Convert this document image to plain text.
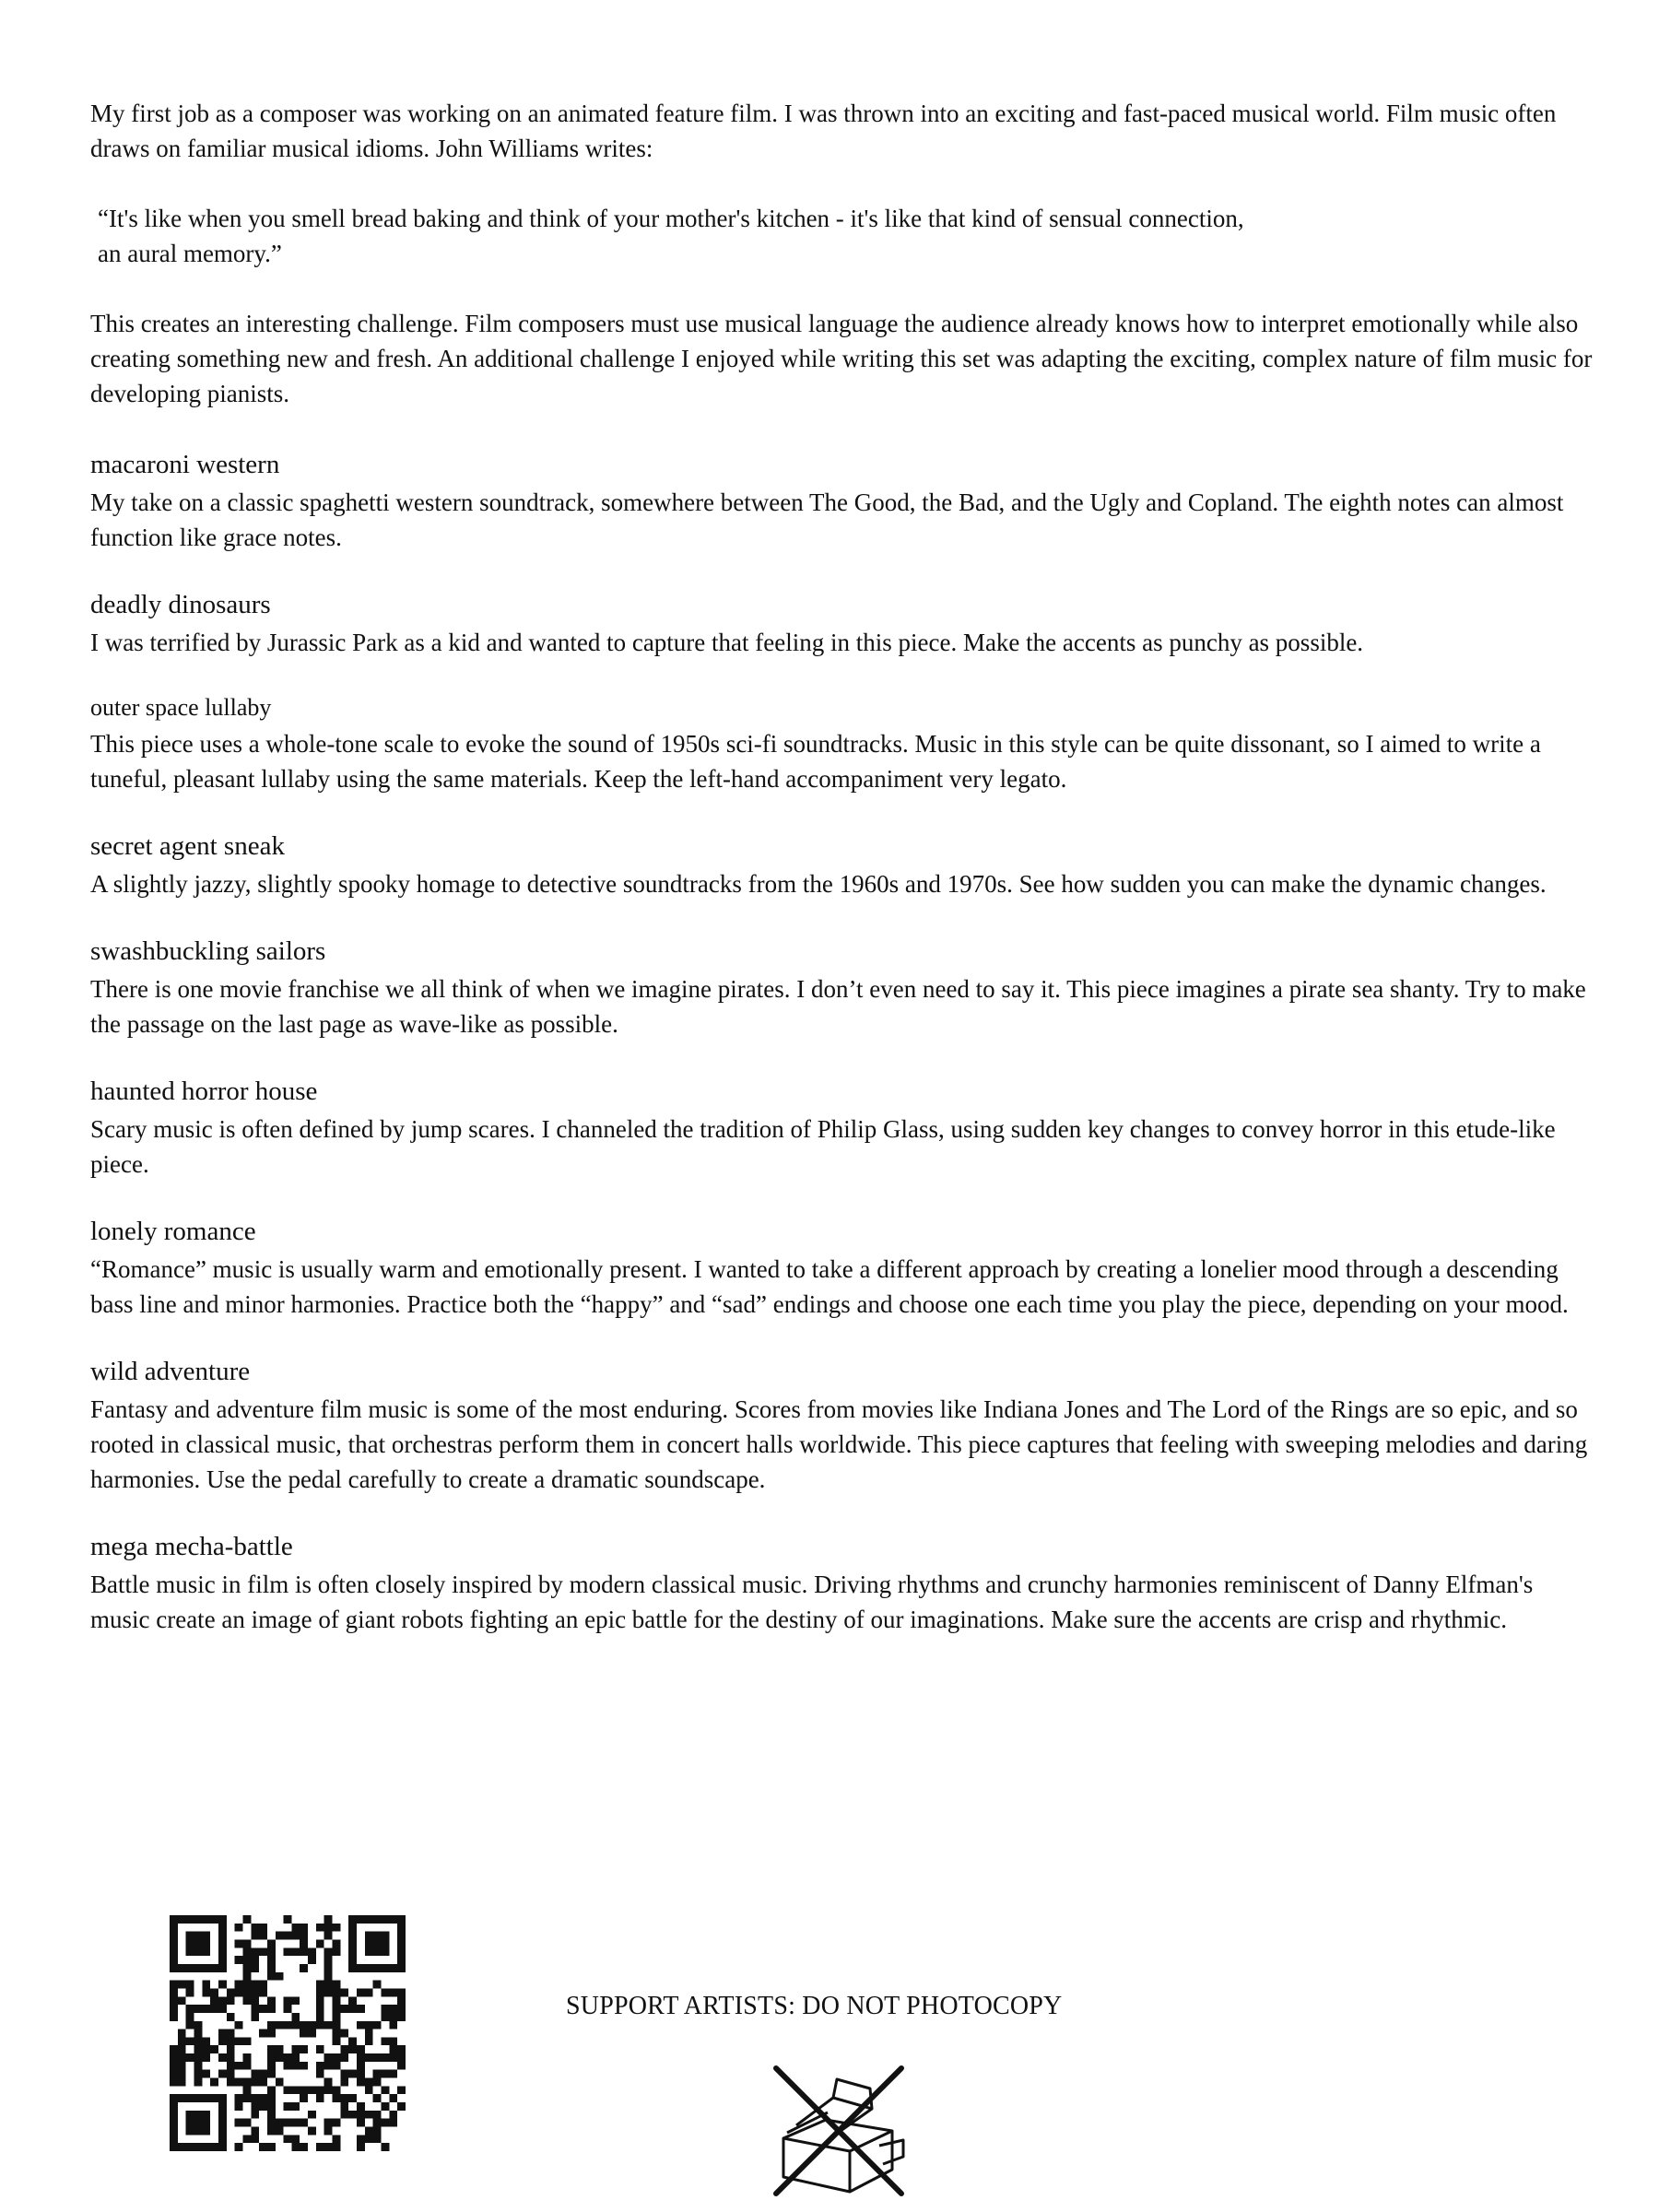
My first job as a composer was working on an animated feature film. I was thrown into an exciting and fast-paced musical world. Film music often draws on familiar musical idioms. John Williams writes:

“It's like when you smell bread baking and think of your mother's kitchen - it's like that kind of sensual connection,
an aural memory.”

This creates an interesting challenge. Film composers must use musical language the audience already knows how to interpret emotionally while also creating something new and fresh. An additional challenge I enjoyed while writing this set was adapting the exciting, complex nature of film music for developing pianists.

macaroni western

My take on a classic spaghetti western soundtrack, somewhere between The Good, the Bad, and the Ugly and Copland. The eighth notes can almost function like grace notes.

deadly dinosaurs

I was terrified by Jurassic Park as a kid and wanted to capture that feeling in this piece. Make the accents as punchy as possible.

outer space lullaby

This piece uses a whole-tone scale to evoke the sound of 1950s sci-fi soundtracks. Music in this style can be quite dissonant, so I aimed to write a tuneful, pleasant lullaby using the same materials. Keep the left-hand accompaniment very legato.

secret agent sneak

A slightly jazzy, slightly spooky homage to detective soundtracks from the 1960s and 1970s. See how sudden you can make the dynamic changes.

swashbuckling sailors

There is one movie franchise we all think of when we imagine pirates. I don’t even need to say it. This piece imagines a pirate sea shanty. Try to make the passage on the last page as wave-like as possible.

haunted horror house

Scary music is often defined by jump scares. I channeled the tradition of Philip Glass, using sudden key changes to convey horror in this etude-like piece.

lonely romance

“Romance” music is usually warm and emotionally present. I wanted to take a different approach by creating a lonelier mood through a descending bass line and minor harmonies. Practice both the “happy” and “sad” endings and choose one each time you play the piece, depending on your mood.

wild adventure

Fantasy and adventure film music is some of the most enduring. Scores from movies like Indiana Jones and The Lord of the Rings are so epic, and so rooted in classical music, that orchestras perform them in concert halls worldwide. This piece captures that feeling with sweeping melodies and daring harmonies. Use the pedal carefully to create a dramatic soundscape.

mega mecha-battle

Battle music in film is often closely inspired by modern classical music. Driving rhythms and crunchy harmonies reminiscent of Danny Elfman's music create an image of giant robots fighting an epic battle for the destiny of our imaginations. Make sure the accents are crisp and rhythmic.

SUPPORT ARTISTS: DO NOT PHOTOCOPY
